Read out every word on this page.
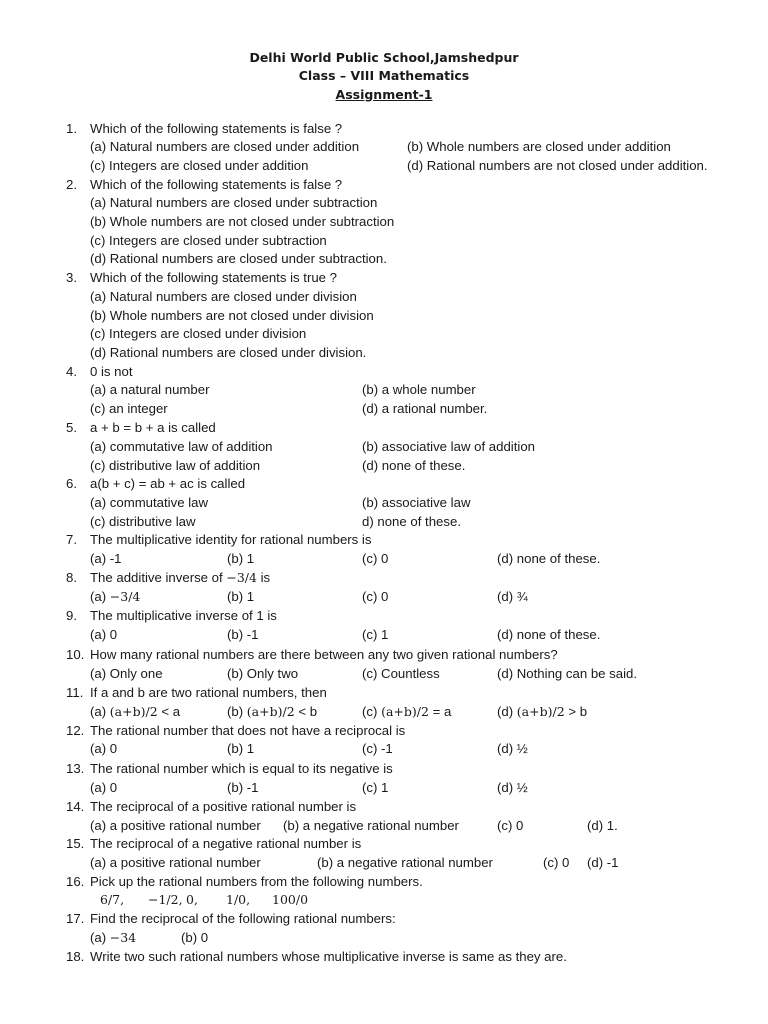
Delhi World Public School,Jamshedpur
Class – VIII Mathematics
Assignment-1
1. Which of the following statements is false ?
(a) Natural numbers are closed under addition	(b) Whole numbers are closed under addition
(c) Integers are closed under addition	(d) Rational numbers are not closed under addition.
2. Which of the following statements is false ?
(a) Natural numbers are closed under subtraction
(b) Whole numbers are not closed under subtraction
(c) Integers are closed under subtraction
(d) Rational numbers are closed under subtraction.
3. Which of the following statements is true ?
(a) Natural numbers are closed under division
(b) Whole numbers are not closed under division
(c) Integers are closed under division
(d) Rational numbers are closed under division.
4. 0 is not
(a) a natural number	(b) a whole number
(c) an integer	(d) a rational number.
5. a + b = b + a is called
(a) commutative law of addition	(b) associative law of addition
(c) distributive law of addition	(d) none of these.
6. a(b + c) = ab + ac is called
(a) commutative law	(b) associative law
(c) distributive law	d) none of these.
7. The multiplicative identity for rational numbers is
(a) -1	(b) 1	(c) 0	(d) none of these.
8. The additive inverse of −3/4 is
(a) −3/4	(b) 1	(c) 0	(d) ¾
9. The multiplicative inverse of 1 is
(a) 0	(b) -1	(c) 1	(d) none of these.
10. How many rational numbers are there between any two given rational numbers?
(a) Only one	(b) Only two	(c) Countless	(d) Nothing can be said.
11. If a and b are two rational numbers, then
(a) (a+b)/2 < a	(b) (a+b)/2 < b	(c) (a+b)/2 = a	(d) (a+b)/2 > b
12. The rational number that does not have a reciprocal is
(a) 0	(b) 1	(c) -1	(d) ½
13. The rational number which is equal to its negative is
(a) 0	(b) -1	(c) 1	(d) ½
14. The reciprocal of a positive rational number is
(a) a positive rational number (b) a negative rational number	(c) 0	(d) 1.
15. The reciprocal of a negative rational number is
(a) a positive rational number	(b) a negative rational number	(c) 0 (d) -1
16. Pick up the rational numbers from the following numbers.
6/7, −1/2, 0, 1/0, 100/0
17. Find the reciprocal of the following rational numbers:
(a) −34	(b) 0
18. Write two such rational numbers whose multiplicative inverse is same as they are.
